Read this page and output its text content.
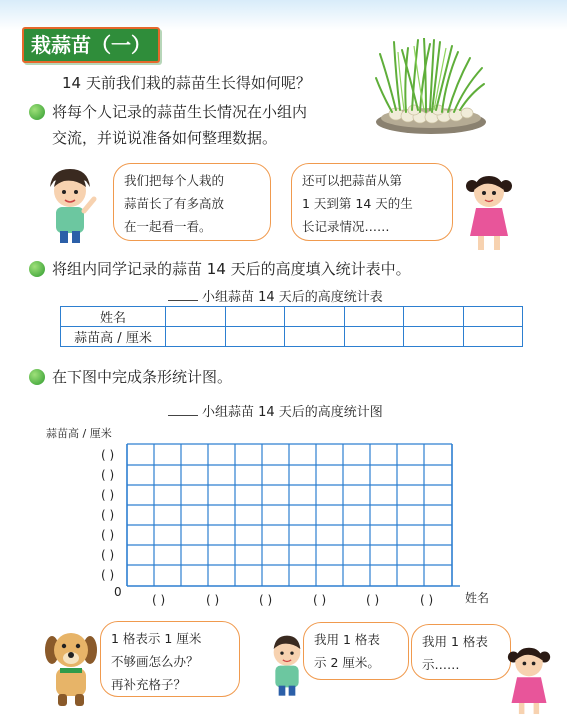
栽蒜苗（一）
14 天前我们栽的蒜苗生长得如何呢？
将每个人记录的蒜苗生长情况在小组内
交流，并说说准备如何整理数据。

我们把每个人栽的

蒜苗长了有多高放

在一起看一看。

还可以把蒜苗从第

1 天到第 14 天的生

长记录情况……

将组内同学记录的蒜苗 14 天后的高度填入统计表中。
小组蒜苗 14 天后的高度统计表
姓名						
蒜苗高 / 厘米						
在下图中完成条形统计图。
小组蒜苗 14 天后的高度统计图
蒜苗高 / 厘米
0	姓名
( )
( )
( )
( )
( )
( )
( )
( )	( )	( )	( )	( )	( )

1 格表示 1 厘米

不够画怎么办？

再补充格子？

我用 1 格表

示 2 厘米。

我用 1 格表

示……
